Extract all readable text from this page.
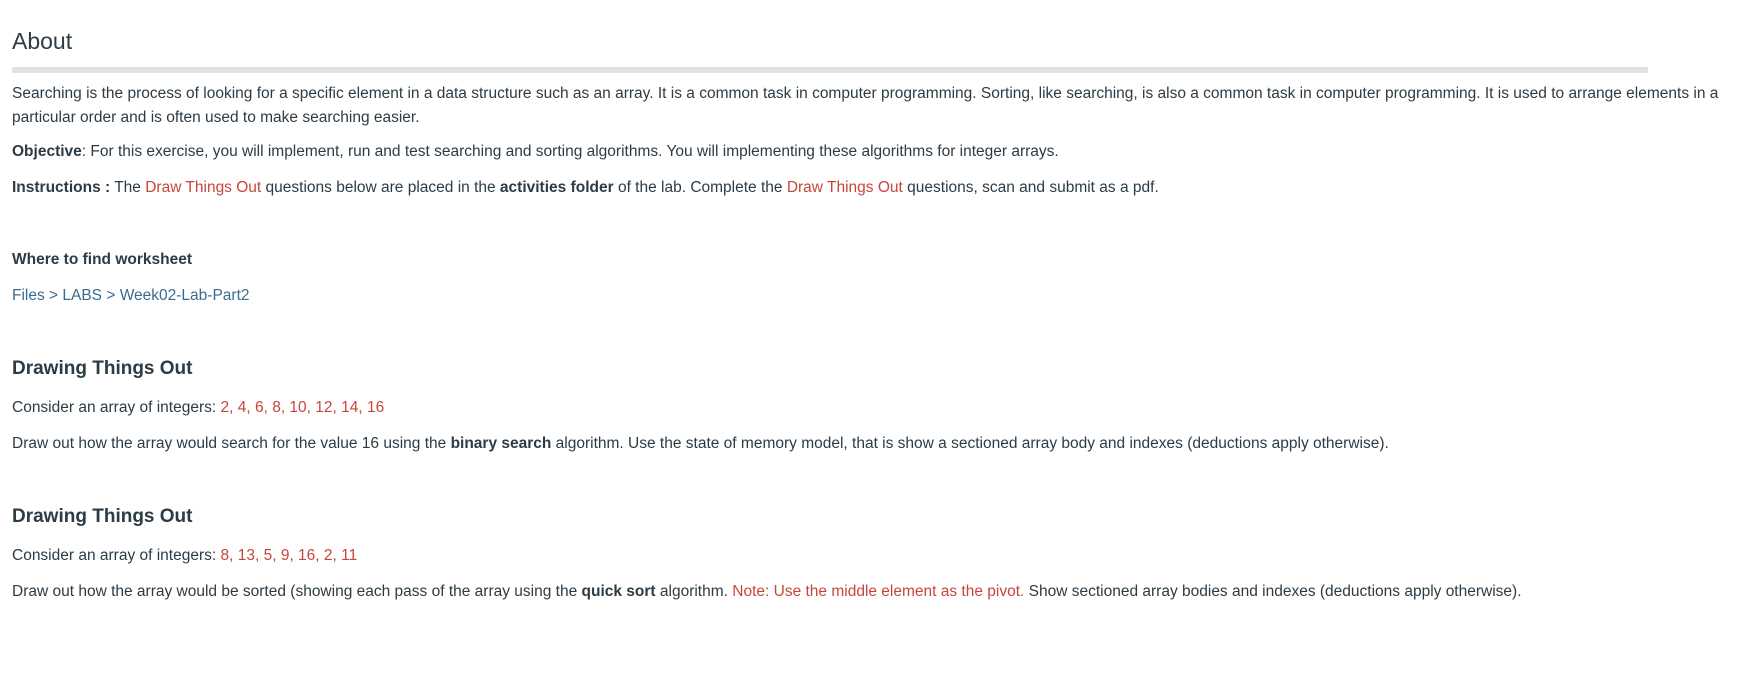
About

Searching is the process of looking for a specific element in a data structure such as an array. It is a common task in computer programming. Sorting, like searching, is also a common task in computer programming. It is used to arrange elements in a particular order and is often used to make searching easier.

Objective: For this exercise, you will implement, run and test searching and sorting algorithms. You will implementing these algorithms for integer arrays.

Instructions : The Draw Things Out questions below are placed in the activities folder of the lab. Complete the Draw Things Out questions, scan and submit as a pdf.

Where to find worksheet

Files > LABS > Week02-Lab-Part2

Drawing Things Out

Consider an array of integers: 2, 4, 6, 8, 10, 12, 14, 16

Draw out how the array would search for the value 16 using the binary search algorithm. Use the state of memory model, that is show a sectioned array body and indexes (deductions apply otherwise).

Drawing Things Out

Consider an array of integers: 8, 13, 5, 9, 16, 2, 11

Draw out how the array would be sorted (showing each pass of the array using the quick sort algorithm. Note: Use the middle element as the pivot. Show sectioned array bodies and indexes (deductions apply otherwise).
